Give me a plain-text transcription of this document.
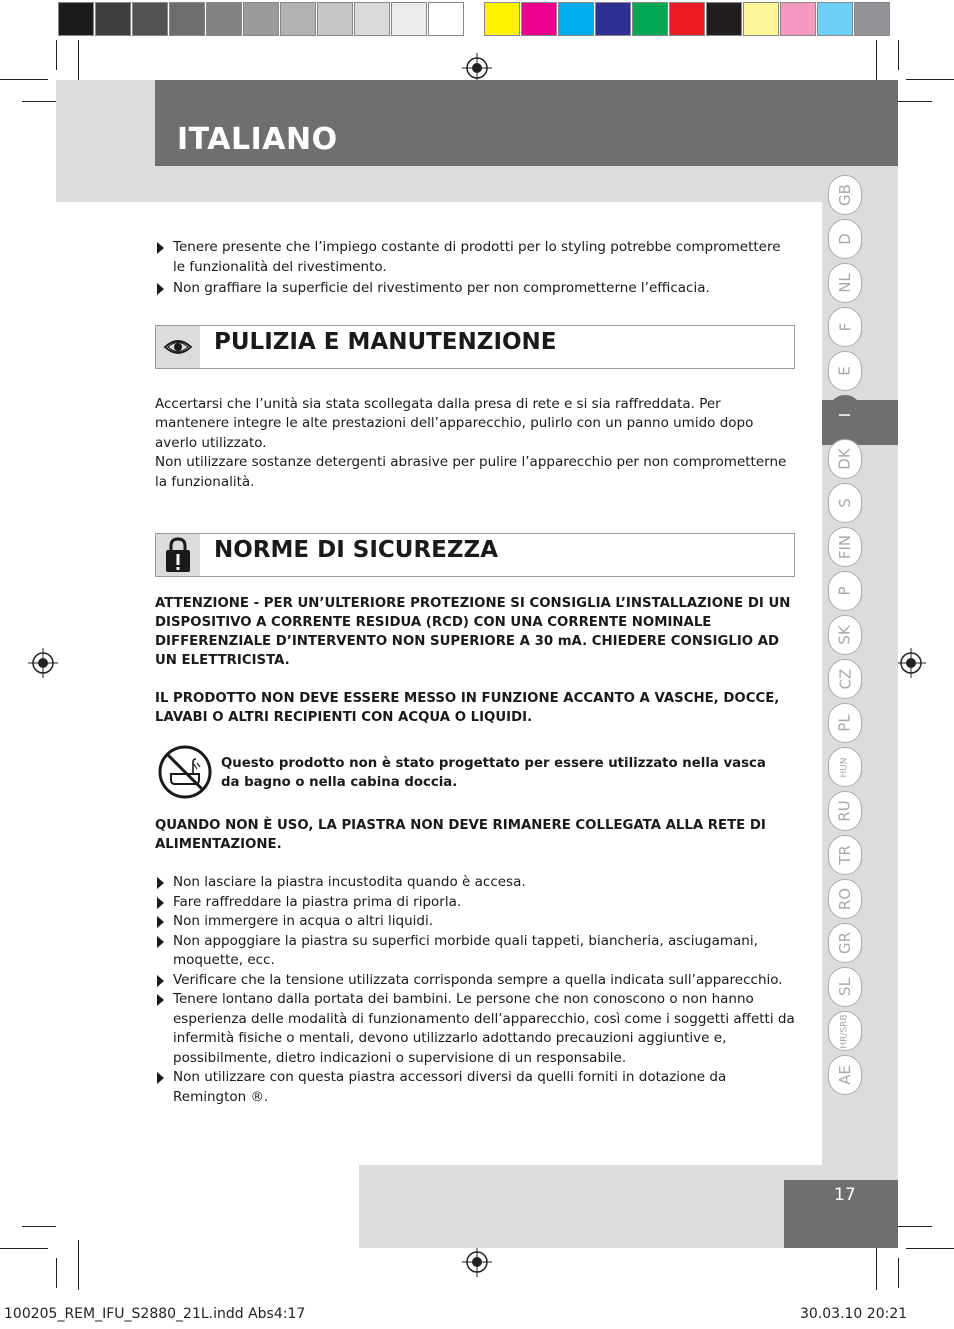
ITALIANO
GB
D
NL
F
E
I
DK
S
FIN
P
SK
CZ
PL
HUN
RU
TR
RO
GR
SL
HR/SRB
AE
17
Tenere presente che l’impiego costante di prodotti per lo styling potrebbe compromettere le funzionalità del rivestimento.
Non graffiare la superficie del rivestimento per non comprometterne l’efficacia.
PULIZIA E MANUTENZIONE

Accertarsi che l’unità sia stata scollegata dalla presa di rete e si sia raffreddata. Per mantenere integre le alte prestazioni dell’apparecchio, pulirlo con un panno umido dopo averlo utilizzato.

Non utilizzare sostanze detergenti abrasive per pulire l’apparecchio per non comprometterne la funzionalità.

NORME DI SICUREZZA

ATTENZIONE - PER UN’ULTERIORE PROTEZIONE SI CONSIGLIA L’INSTALLAZIONE DI UN DISPOSITIVO A CORRENTE RESIDUA (RCD) CON UNA CORRENTE NOMINALE DIFFERENZIALE D’INTERVENTO NON SUPERIORE A 30 mA. CHIEDERE CONSIGLIO AD UN ELETTRICISTA.

IL PRODOTTO NON DEVE ESSERE MESSO IN FUNZIONE ACCANTO A VASCHE, DOCCE, LAVABI O ALTRI RECIPIENTI CON ACQUA O LIQUIDI.

Questo prodotto non è stato progettato per essere utilizzato nella vasca da bagno o nella cabina doccia.

QUANDO NON È USO, LA PIASTRA NON DEVE RIMANERE COLLEGATA ALLA RETE DI ALIMENTAZIONE.

Non lasciare la piastra incustodita quando è accesa.
Fare raffreddare la piastra prima di riporla.
Non immergere in acqua o altri liquidi.
Non appoggiare la piastra su superfici morbide quali tappeti, biancheria, asciugamani, moquette, ecc.
Verificare che la tensione utilizzata corrisponda sempre a quella indicata sull’apparecchio.
Tenere lontano dalla portata dei bambini. Le persone che non conoscono o non hanno esperienza delle modalità di funzionamento dell’apparecchio, così come i soggetti affetti da infermità fisiche o mentali, devono utilizzarlo adottando precauzioni aggiuntive e, possibilmente, dietro indicazioni o supervisione di un responsabile.
Non utilizzare con questa piastra accessori diversi da quelli forniti in dotazione da Remington ®.
100205_REM_IFU_S2880_21L.indd Abs4:17	30.03.10 20:21
